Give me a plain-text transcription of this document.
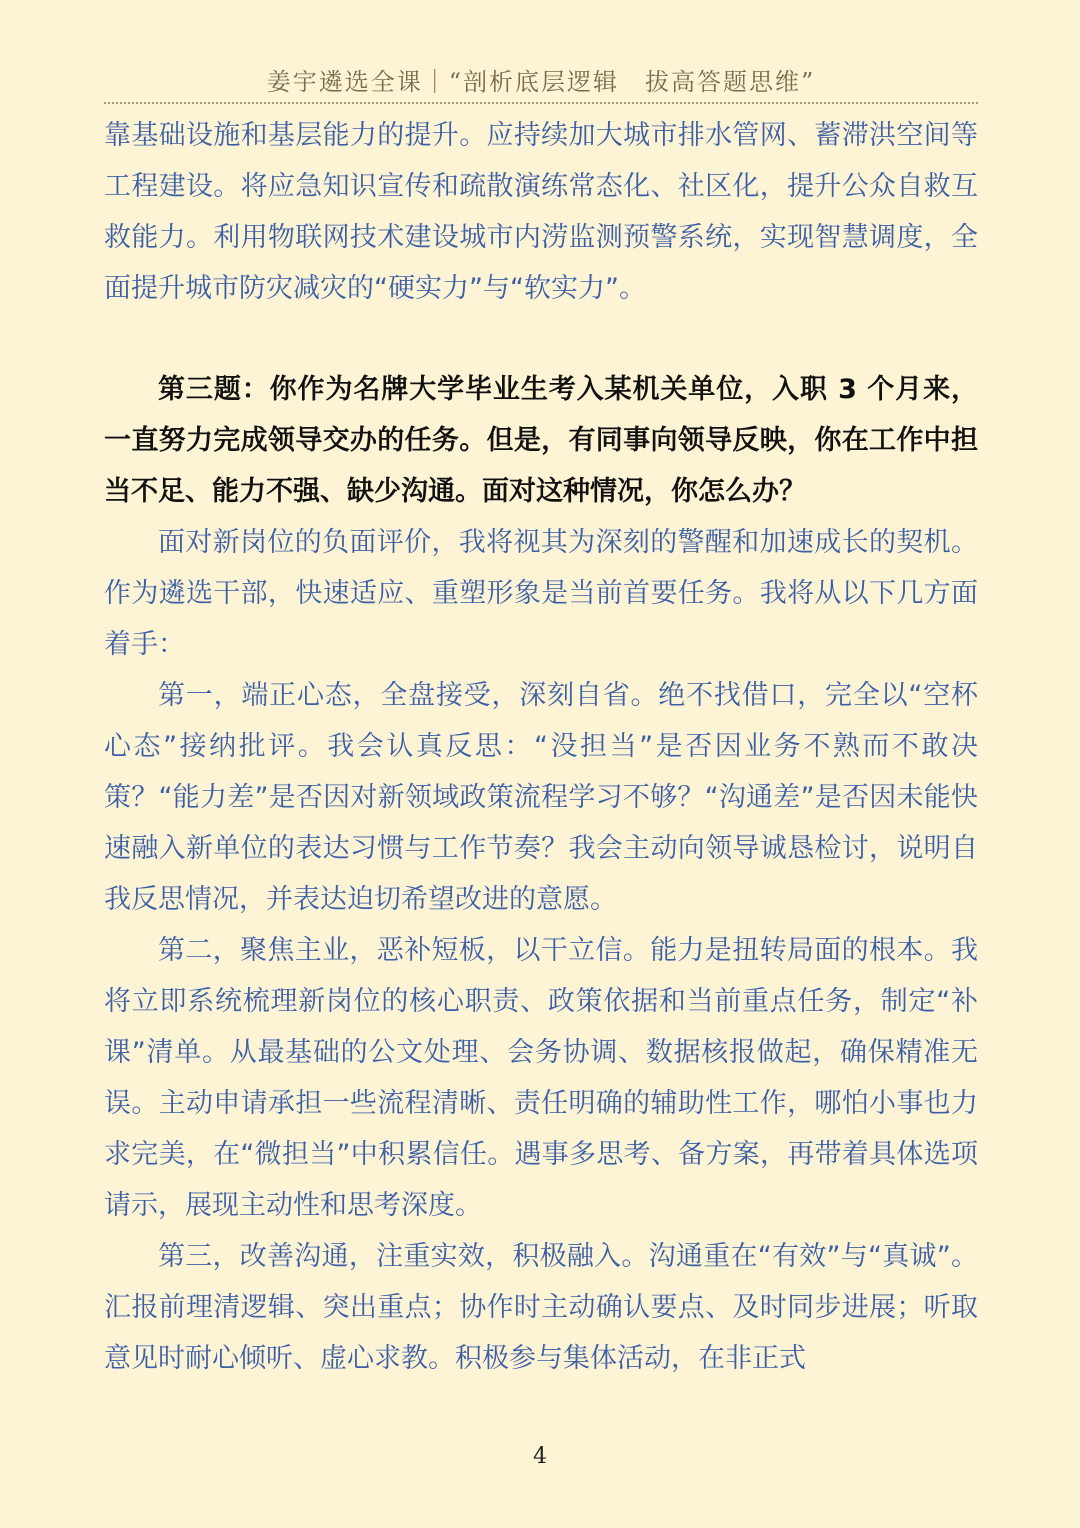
姜宇遴选全课｜“剖析底层逻辑　拔高答题思维”

靠基础设施和基层能力的提升。应持续加大城市排水管网、蓄滞洪空间等工程建设。将应急知识宣传和疏散演练常态化、社区化，提升公众自救互救能力。利用物联网技术建设城市内涝监测预警系统，实现智慧调度，全面提升城市防灾减灾的“硬实力”与“软实力”。

第三题：你作为名牌大学毕业生考入某机关单位，入职 3 个月来，一直努力完成领导交办的任务。但是，有同事向领导反映，你在工作中担当不足、能力不强、缺少沟通。面对这种情况，你怎么办？

面对新岗位的负面评价，我将视其为深刻的警醒和加速成长的契机。作为遴选干部，快速适应、重塑形象是当前首要任务。我将从以下几方面着手：

第一，端正心态，全盘接受，深刻自省。绝不找借口，完全以“空杯心态”接纳批评。我会认真反思：“没担当”是否因业务不熟而不敢决策？“能力差”是否因对新领域政策流程学习不够？“沟通差”是否因未能快速融入新单位的表达习惯与工作节奏？我会主动向领导诚恳检讨，说明自我反思情况，并表达迫切希望改进的意愿。

第二，聚焦主业，恶补短板，以干立信。能力是扭转局面的根本。我将立即系统梳理新岗位的核心职责、政策依据和当前重点任务，制定“补课”清单。从最基础的公文处理、会务协调、数据核报做起，确保精准无误。主动申请承担一些流程清晰、责任明确的辅助性工作，哪怕小事也力求完美，在“微担当”中积累信任。遇事多思考、备方案，再带着具体选项请示，展现主动性和思考深度。

第三，改善沟通，注重实效，积极融入。沟通重在“有效”与“真诚”。汇报前理清逻辑、突出重点；协作时主动确认要点、及时同步进展；听取意见时耐心倾听、虚心求教。积极参与集体活动，在非正式

4
